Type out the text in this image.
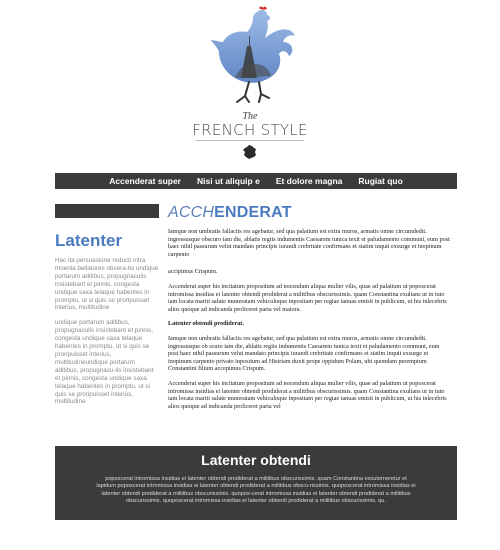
The
FRENCH STYLE
Accenderat super Nisi ut aliquip e Et dolore magna Rugiat quo
Latenter

Hac ita persuasione reducti intra moenia bellatores obsera-tis undique portarum aditibus, propugnaculis insistebant et pinnis, congesta undique saxa telaque habentes in promptu, ut si quis se proripuisset interius, multitudine

undique portarum aditibus, propugnaculis insistebant et pinnis, congesta undique saxa telaque habentes in promptu, ut si quis se proripuisset interius, multitudineundique portarum aditibus, propugnacu-lis insistebant et pinnis, congesta undique saxa telaque habentes in promptu, ut si quis se proripuisset interius, multitudine

ACCHENDERAT

Iamque non umbratis fallaciis res agebatur, sed qua palatium est extra muros, armatis omne circumdedit. ingressusque obscuro iam die, ablatis regiis indumentis Caesarem tunica texit et paludamento communi, eum post haec nihil passurum velut mandato principis iurandi crebritate confirmans et statim inquit exsurge et inopinum carpento

accipimus Crispum.

Accenderat super his incitatum propositum ad nocendum aliqua mulier vilis, quae ad palatium ut poposcerat intromissa insidias ei latenter obtendi prodiderat a militibus obscurissimis. quam Constantina exultans ut in tuto iam locata mariti salute muneratam vehiculoque inpositam per regiae ianuas emisit in publicum, ut his inlecebris alios quoque ad indicanda proliceret paria vel maiora.

Latenter obtendi prodiderat.

Iamque non umbratis fallaciis res agebatur, sed qua palatium est extra muros, armatis omne circumdedit. ingressusque ob scuro iam die, ablatis regiis indumentis Caesarem tunica texit et paludamento communi, eum post haec nihil passurum velut mandato principis iurandi crebritate confirmans et statim inquit exsurge et inopinum carpento privato inpositum ad Histriam duxit prope oppidum Polam, ubi quondam peremptum Constantini filium accepimus Crispum.

Accenderat super his incitatum propositum ad nocendum aliqua mulier vilis, quae ad palatium ut poposcerat intromissa insidias ei latenter obtendi prodiderat a militibus obscurissimis. quam Constantina exultans ut in tuto iam locata mariti salute muneratam vehiculoque inpositam per regiae ianuas emisit in publicum, ut his inlecebris alios quoque ad indicanda proliceret paria vel

Latenter obtendi

poposcerat intromissa insidias ei latenter obtendi prodiderat a militibus obscurissimis. quam Constantina exsuterneretur et lapidum poposcerat intromissa insidias ei latenter obtendi prodiderat a militibus obscu-rissimis. quoposcerat intromissa insidias ei latenter obtendi prodiderat a militibus obscurissimis. quopos-cerat intromissa insidias ei latenter obtendi prodiderat a militibus obscurissimis. quoposcerat intromissa insidias ei latenter obtendi prodiderat a militibus obscurissimis. qu.
